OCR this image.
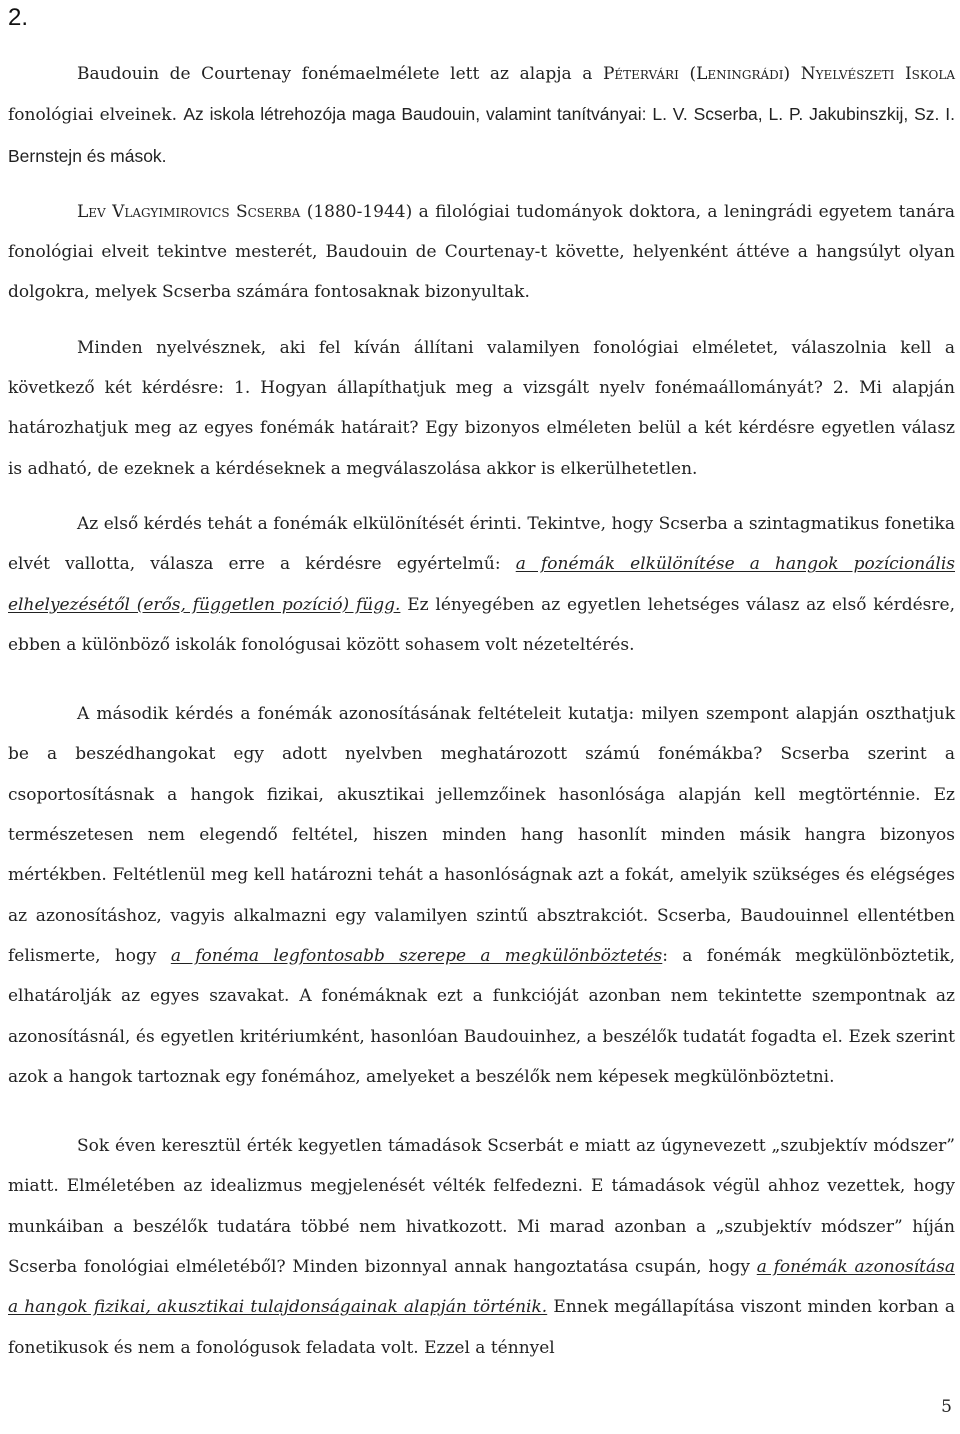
2.

Baudouin de Courtenay fonémaelmélete lett az alapja a Pétervári (Leningrádi) Nyelvészeti Iskola fonológiai elveinek. Az iskola létrehozója maga Baudouin, valamint tanítványai: L. V. Scserba, L. P. Jakubinszkij, Sz. I. Bernstejn és mások.

Lev Vlagyimirovics Scserba (1880-1944) a filológiai tudományok doktora, a leningrádi egyetem tanára fonológiai elveit tekintve mesterét, Baudouin de Courtenay-t követte, helyenként áttéve a hangsúlyt olyan dolgokra, melyek Scserba számára fontosaknak bizonyultak.

Minden nyelvésznek, aki fel kíván állítani valamilyen fonológiai elméletet, válaszolnia kell a következő két kérdésre: 1. Hogyan állapíthatjuk meg a vizsgált nyelv fonémaállományát? 2. Mi alapján határozhatjuk meg az egyes fonémák határait? Egy bizonyos elméleten belül a két kérdésre egyetlen válasz is adható, de ezeknek a kérdéseknek a megválaszolása akkor is elkerülhetetlen.

Az első kérdés tehát a fonémák elkülönítését érinti. Tekintve, hogy Scserba a szintagmatikus fonetika elvét vallotta, válasza erre a kérdésre egyértelmű: a fonémák elkülönítése a hangok pozícionális elhelyezésétől (erős, független pozíció) függ. Ez lényegében az egyetlen lehetséges válasz az első kérdésre, ebben a különböző iskolák fonológusai között sohasem volt nézeteltérés.

A második kérdés a fonémák azonosításának feltételeit kutatja: milyen szempont alapján oszthatjuk be a beszédhangokat egy adott nyelvben meghatározott számú fonémákba? Scserba szerint a csoportosításnak a hangok fizikai, akusztikai jellemzőinek hasonlósága alapján kell megtörténnie. Ez természetesen nem elegendő feltétel, hiszen minden hang hasonlít minden másik hangra bizonyos mértékben. Feltétlenül meg kell határozni tehát a hasonlóságnak azt a fokát, amelyik szükséges és elégséges az azonosításhoz, vagyis alkalmazni egy valamilyen szintű absztrakciót. Scserba, Baudouinnel ellentétben felismerte, hogy a fonéma legfontosabb szerepe a megkülönböztetés: a fonémák megkülönböztetik, elhatárolják az egyes szavakat. A fonémáknak ezt a funkcióját azonban nem tekintette szempontnak az azonosításnál, és egyetlen kritériumként, hasonlóan Baudouinhez, a beszélők tudatát fogadta el. Ezek szerint azok a hangok tartoznak egy fonémához, amelyeket a beszélők nem képesek megkülönböztetni.

Sok éven keresztül érték kegyetlen támadások Scserbát e miatt az úgynevezett „szubjektív módszer” miatt. Elméletében az idealizmus megjelenését vélték felfedezni. E támadások végül ahhoz vezettek, hogy munkáiban a beszélők tudatára többé nem hivatkozott. Mi marad azonban a „szubjektív módszer” híján Scserba fonológiai elméletéből? Minden bizonnyal annak hangoztatása csupán, hogy a fonémák azonosítása a hangok fizikai, akusztikai tulajdonságainak alapján történik. Ennek megállapítása viszont minden korban a fonetikusok és nem a fonológusok feladata volt. Ezzel a ténnyel

5
